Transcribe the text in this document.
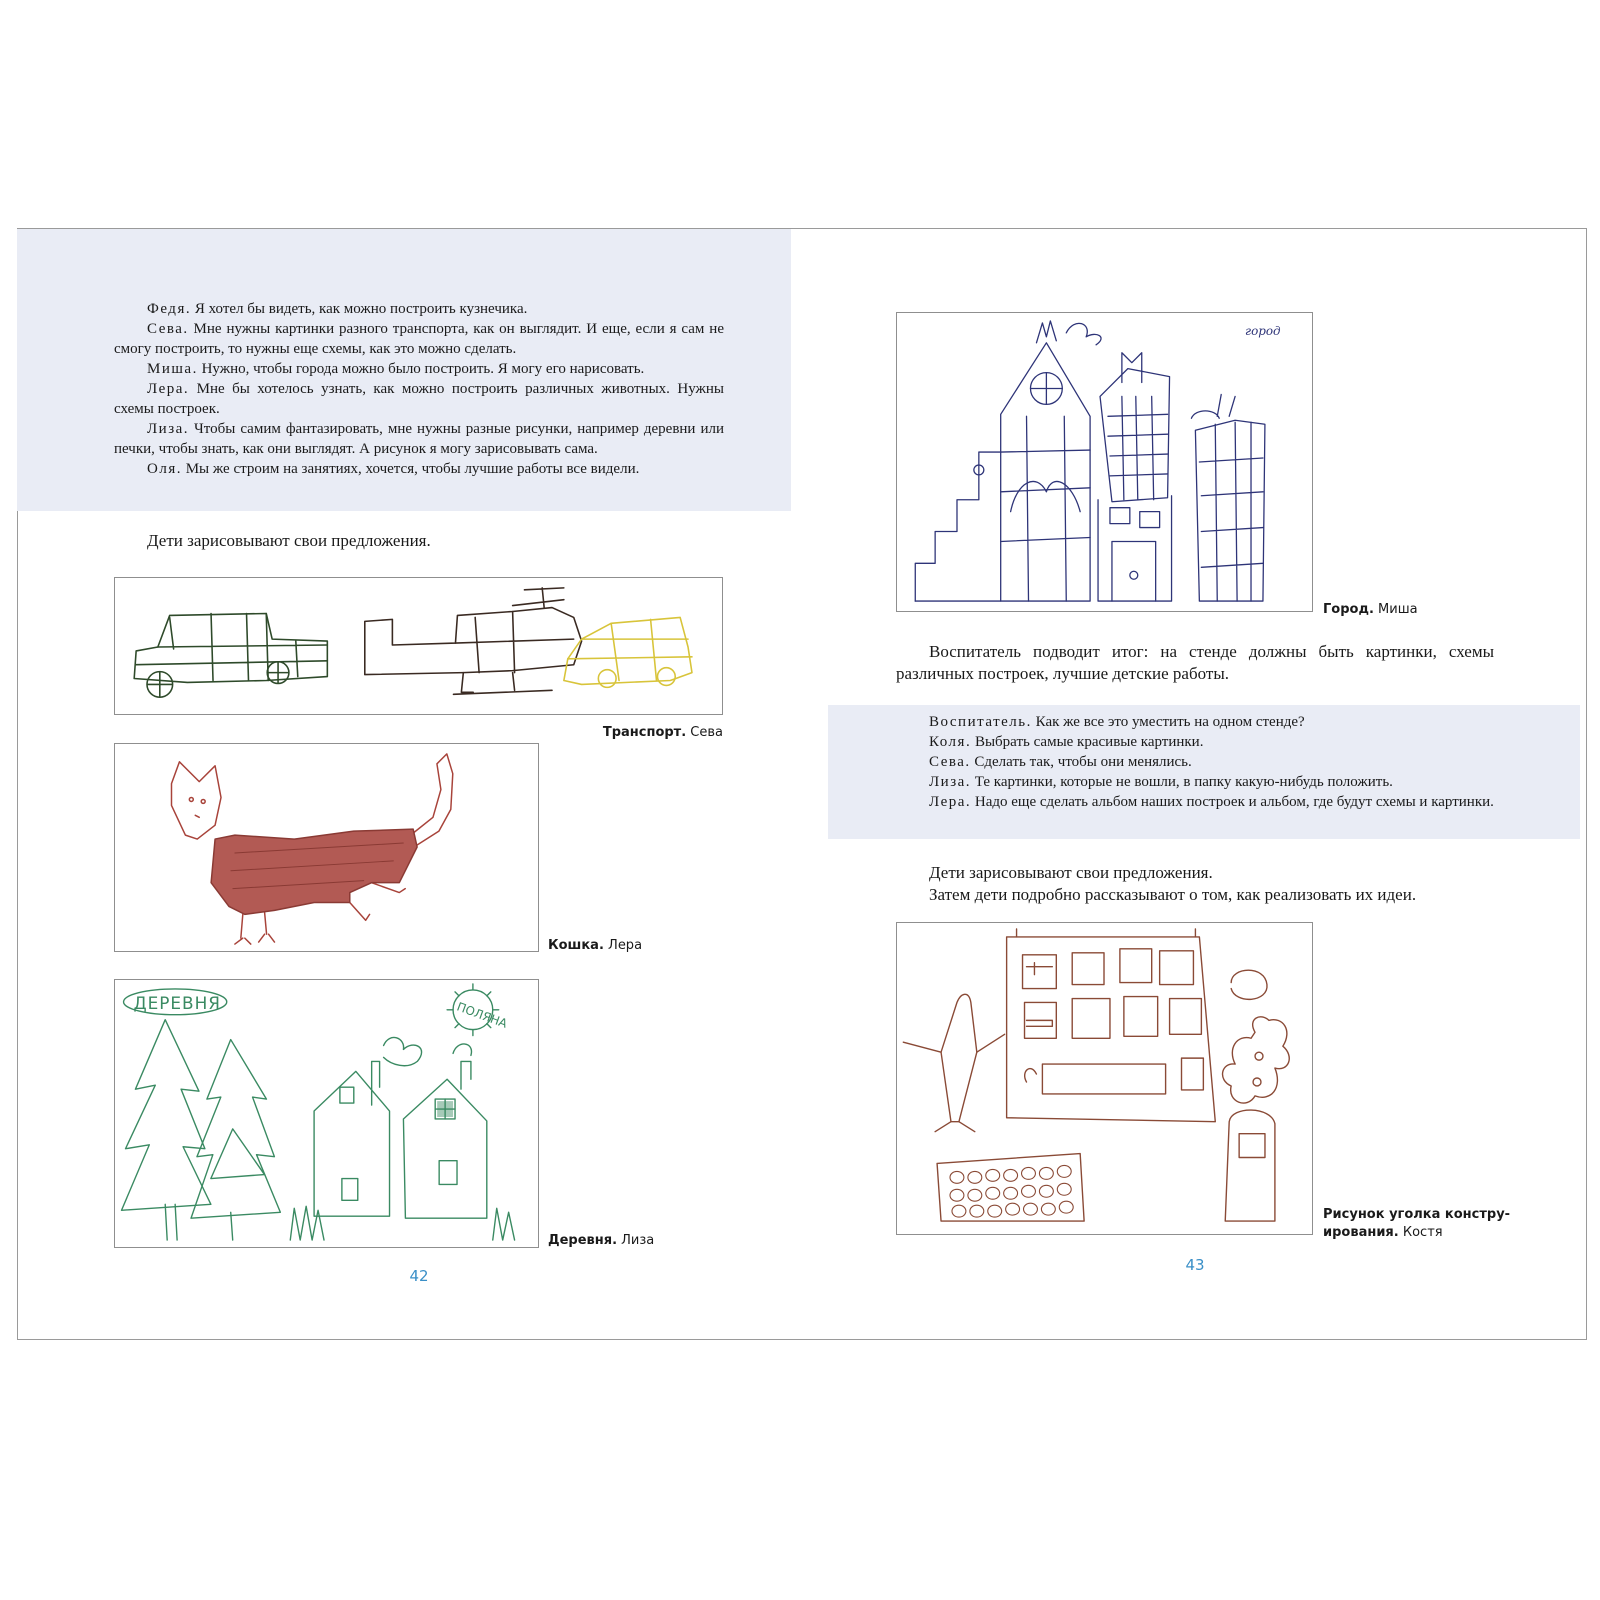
Федя. Я хотел бы видеть, как можно построить кузнечика.

Сева. Мне нужны картинки разного транспорта, как он выглядит. И еще, если я сам не смогу построить, то нужны еще схемы, как это можно сделать.

Миша. Нужно, чтобы города можно было построить. Я могу его нарисовать.

Лера. Мне бы хотелось узнать, как можно построить различных животных. Нужны схемы построек.

Лиза. Чтобы самим фантазировать, мне нужны разные рисунки, например деревни или печки, чтобы знать, как они выглядят. А рисунок я могу зарисовывать сама.

Оля. Мы же строим на занятиях, хочется, чтобы лучшие работы все видели.

Дети зарисовывают свои предложения.

Транспорт. Сева
Кошка. Лера
ДЕРЕВНЯ	ПОЛЯНА
Деревня. Лиза
42
город
Город. Миша

Воспитатель подводит итог: на стенде должны быть картинки, схемы различных построек, лучшие детские работы.

Воспитатель. Как же все это уместить на одном стенде?

Коля. Выбрать самые красивые картинки.

Сева. Сделать так, чтобы они менялись.

Лиза. Те картинки, которые не вошли, в папку какую-нибудь положить.

Лера. Надо еще сделать альбом наших построек и альбом, где будут схемы и картинки.

Дети зарисовывают свои предложения.

Затем дети подробно рассказывают о том, как реализовать их идеи.

Рисунок уголка констру-
ирования. Костя
43
